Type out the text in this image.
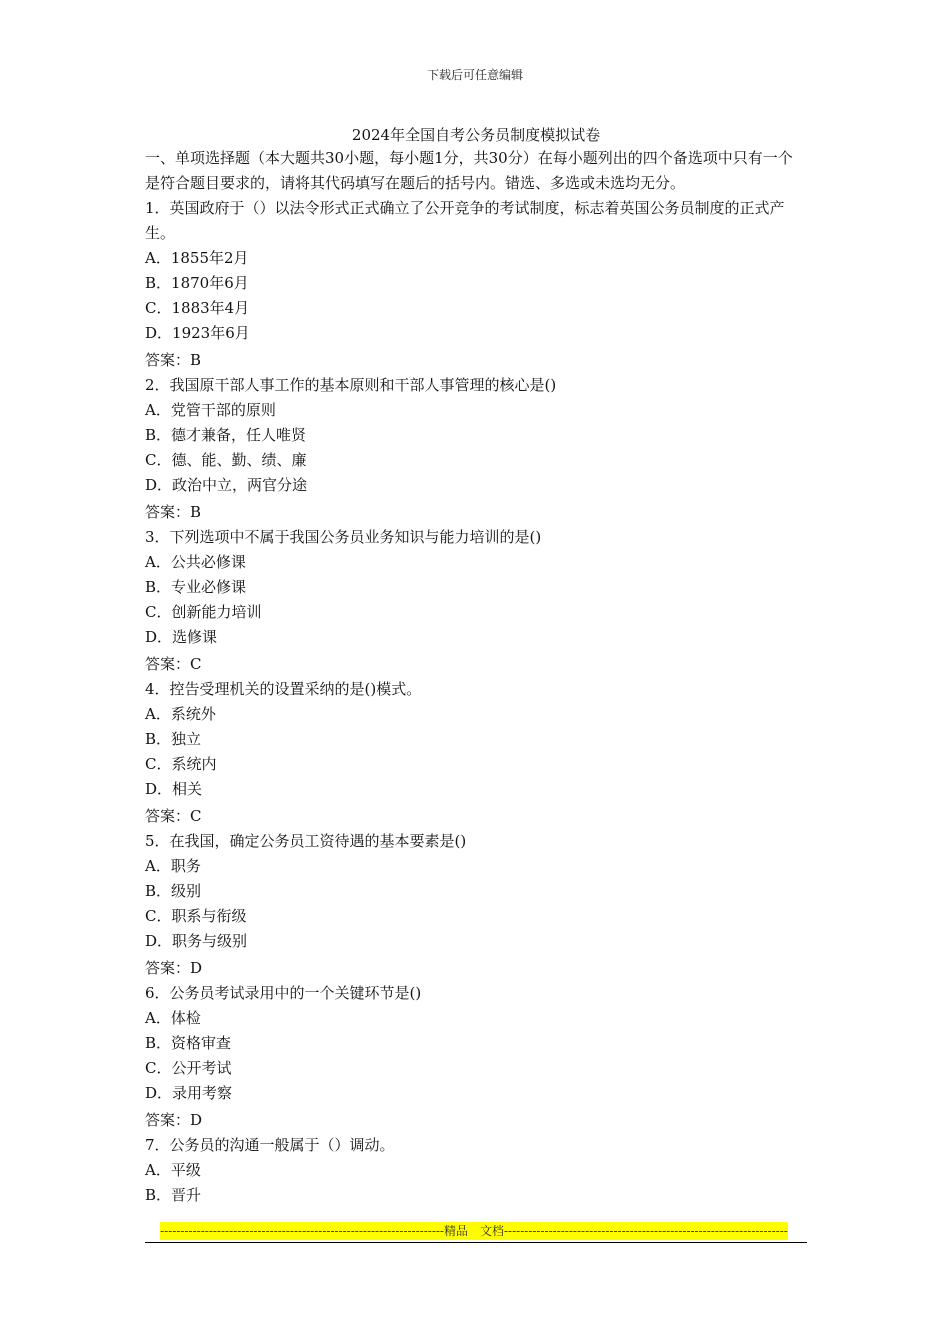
下载后可任意编辑
2024年全国自考公务员制度模拟试卷

一、单项选择题（本大题共30小题，每小题1分，共30分）在每小题列出的四个备选项中只有一个是符合题目要求的，请将其代码填写在题后的括号内。错选、多选或未选均无分。

1．英国政府于（）以法令形式正式确立了公开竞争的考试制度，标志着英国公务员制度的正式产生。

A．1855年2月

B．1870年6月

C．1883年4月

D．1923年6月

答案：B

2．我国原干部人事工作的基本原则和干部人事管理的核心是()

A．党管干部的原则

B．德才兼备，任人唯贤

C．德、能、勤、绩、廉

D．政治中立，两官分途

答案：B

3．下列选项中不属于我国公务员业务知识与能力培训的是()

A．公共必修课

B．专业必修课

C．创新能力培训

D．选修课

答案：C

4．控告受理机关的设置采纳的是()模式。

A．系统外

B．独立

C．系统内

D．相关

答案：C

5．在我国，确定公务员工资待遇的基本要素是()

A．职务

B．级别

C．职系与衔级

D．职务与级别

答案：D

6．公务员考试录用中的一个关键环节是()

A．体检

B．资格审查

C．公开考试

D．录用考察

答案：D

7．公务员的沟通一般属于（）调动。

A．平级

B．晋升

----------------------------------------------------------------------精品　文档----------------------------------------------------------------------
